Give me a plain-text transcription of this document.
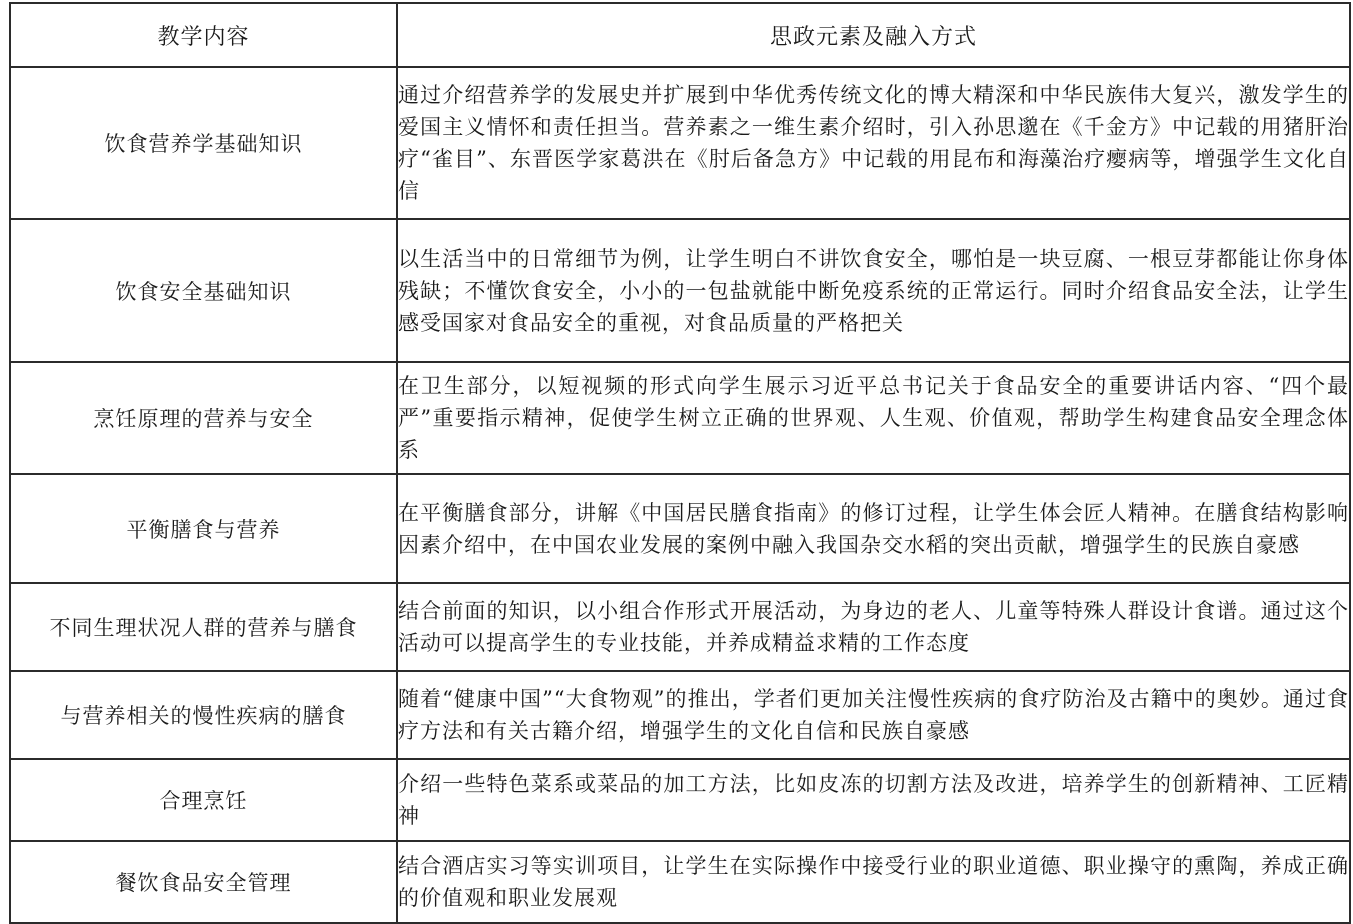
教学内容	思政元素及融入方式
饮食营养学基础知识	通过介绍营养学的发展史并扩展到中华优秀传统文化的博大精深和中华民族伟大复兴，激发学生的爱国主义情怀和责任担当。营养素之一维生素介绍时，引入孙思邈在《千金方》中记载的用猪肝治疗“雀目”、东晋医学家葛洪在《肘后备急方》中记载的用昆布和海藻治疗瘿病等，增强学生文化自信
饮食安全基础知识	以生活当中的日常细节为例，让学生明白不讲饮食安全，哪怕是一块豆腐、一根豆芽都能让你身体残缺；不懂饮食安全，小小的一包盐就能中断免疫系统的正常运行。同时介绍食品安全法，让学生感受国家对食品安全的重视，对食品质量的严格把关
烹饪原理的营养与安全	在卫生部分，以短视频的形式向学生展示习近平总书记关于食品安全的重要讲话内容、“四个最严”重要指示精神，促使学生树立正确的世界观、人生观、价值观，帮助学生构建食品安全理念体系
平衡膳食与营养	在平衡膳食部分，讲解《中国居民膳食指南》的修订过程，让学生体会匠人精神。在膳食结构影响因素介绍中，在中国农业发展的案例中融入我国杂交水稻的突出贡献，增强学生的民族自豪感
不同生理状况人群的营养与膳食	结合前面的知识，以小组合作形式开展活动，为身边的老人、儿童等特殊人群设计食谱。通过这个活动可以提高学生的专业技能，并养成精益求精的工作态度
与营养相关的慢性疾病的膳食	随着“健康中国”“大食物观”的推出，学者们更加关注慢性疾病的食疗防治及古籍中的奥妙。通过食疗方法和有关古籍介绍，增强学生的文化自信和民族自豪感
合理烹饪	介绍一些特色菜系或菜品的加工方法，比如皮冻的切割方法及改进，培养学生的创新精神、工匠精神
餐饮食品安全管理	结合酒店实习等实训项目，让学生在实际操作中接受行业的职业道德、职业操守的熏陶，养成正确的价值观和职业发展观
